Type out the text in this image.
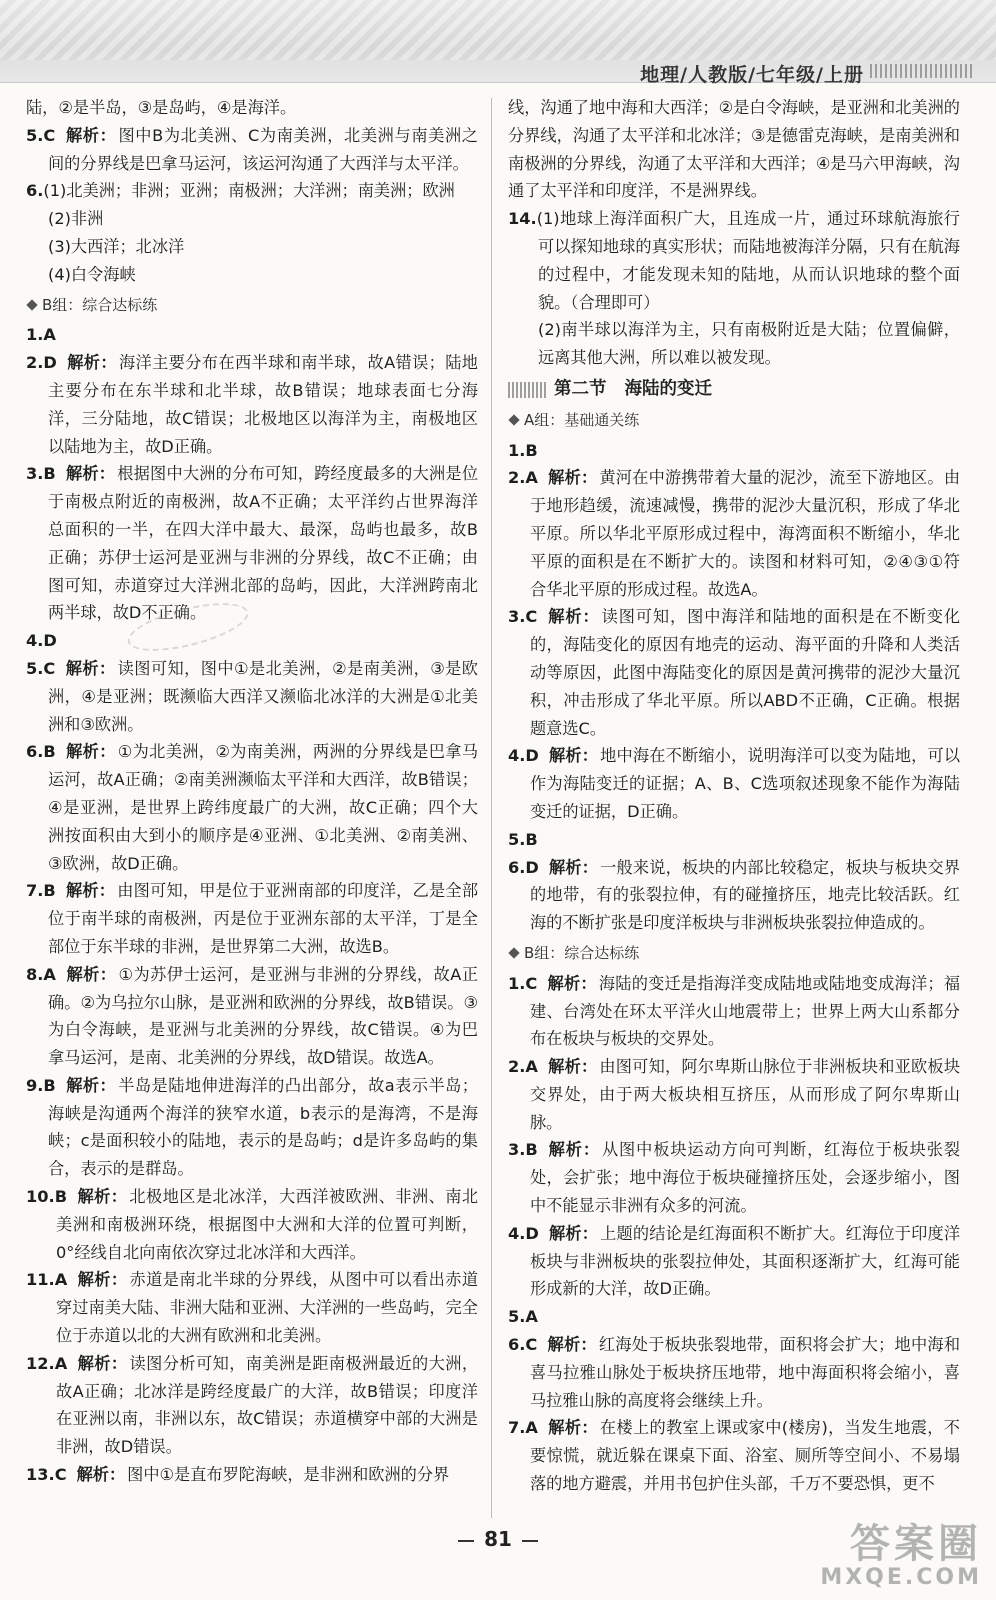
地理/人教版/七年级/上册

陆，②是半岛，③是岛屿，④是海洋。

5.C 解析： 图中B为北美洲、C为南美洲，北美洲与南美洲之间的分界线是巴拿马运河，该运河沟通了大西洋与太平洋。

6.(1)北美洲；非洲；亚洲；南极洲；大洋洲；南美洲；欧洲

(2)非洲

(3)大西洋；北冰洋

(4)白令海峡

B组：综合达标练

1.A

2.D 解析： 海洋主要分布在西半球和南半球，故A错误；陆地主要分布在东半球和北半球，故B错误；地球表面七分海洋，三分陆地，故C错误；北极地区以海洋为主，南极地区以陆地为主，故D正确。

3.B 解析： 根据图中大洲的分布可知，跨经度最多的大洲是位于南极点附近的南极洲，故A不正确；太平洋约占世界海洋总面积的一半，在四大洋中最大、最深，岛屿也最多，故B正确；苏伊士运河是亚洲与非洲的分界线，故C不正确；由图可知，赤道穿过大洋洲北部的岛屿，因此，大洋洲跨南北两半球，故D不正确。

4.D

5.C 解析： 读图可知，图中①是北美洲，②是南美洲，③是欧洲，④是亚洲；既濒临大西洋又濒临北冰洋的大洲是①北美洲和③欧洲。

6.B 解析： ①为北美洲，②为南美洲，两洲的分界线是巴拿马运河，故A正确；②南美洲濒临太平洋和大西洋，故B错误；④是亚洲，是世界上跨纬度最广的大洲，故C正确；四个大洲按面积由大到小的顺序是④亚洲、①北美洲、②南美洲、③欧洲，故D正确。

7.B 解析： 由图可知，甲是位于亚洲南部的印度洋，乙是全部位于南半球的南极洲，丙是位于亚洲东部的太平洋，丁是全部位于东半球的非洲，是世界第二大洲，故选B。

8.A 解析： ①为苏伊士运河，是亚洲与非洲的分界线，故A正确。②为乌拉尔山脉，是亚洲和欧洲的分界线，故B错误。③为白令海峡，是亚洲与北美洲的分界线，故C错误。④为巴拿马运河，是南、北美洲的分界线，故D错误。故选A。

9.B 解析： 半岛是陆地伸进海洋的凸出部分，故a表示半岛；海峡是沟通两个海洋的狭窄水道，b表示的是海湾，不是海峡；c是面积较小的陆地，表示的是岛屿；d是许多岛屿的集合，表示的是群岛。

10.B 解析： 北极地区是北冰洋，大西洋被欧洲、非洲、南北美洲和南极洲环绕，根据图中大洲和大洋的位置可判断，0°经线自北向南依次穿过北冰洋和大西洋。

11.A 解析： 赤道是南北半球的分界线，从图中可以看出赤道穿过南美大陆、非洲大陆和亚洲、大洋洲的一些岛屿，完全位于赤道以北的大洲有欧洲和北美洲。

12.A 解析： 读图分析可知，南美洲是距南极洲最近的大洲，故A正确；北冰洋是跨经度最广的大洋，故B错误；印度洋在亚洲以南，非洲以东，故C错误；赤道横穿中部的大洲是非洲，故D错误。

13.C 解析： 图中①是直布罗陀海峡，是非洲和欧洲的分界

线，沟通了地中海和大西洋；②是白令海峡，是亚洲和北美洲的分界线，沟通了太平洋和北冰洋；③是德雷克海峡，是南美洲和南极洲的分界线，沟通了太平洋和大西洋；④是马六甲海峡，沟通了太平洋和印度洋，不是洲界线。

14.(1)地球上海洋面积广大，且连成一片，通过环球航海旅行可以探知地球的真实形状；而陆地被海洋分隔，只有在航海的过程中，才能发现未知的陆地，从而认识地球的整个面貌。（合理即可）

(2)南半球以海洋为主，只有南极附近是大陆；位置偏僻，远离其他大洲，所以难以被发现。

第二节 海陆的变迁
A组：基础通关练

1.B

2.A 解析： 黄河在中游携带着大量的泥沙，流至下游地区。由于地形趋缓，流速减慢，携带的泥沙大量沉积，形成了华北平原。所以华北平原形成过程中，海湾面积不断缩小，华北平原的面积是在不断扩大的。读图和材料可知，②④③①符合华北平原的形成过程。故选A。

3.C 解析： 读图可知，图中海洋和陆地的面积是在不断变化的，海陆变化的原因有地壳的运动、海平面的升降和人类活动等原因，此图中海陆变化的原因是黄河携带的泥沙大量沉积，冲击形成了华北平原。所以ABD不正确，C正确。根据题意选C。

4.D 解析： 地中海在不断缩小，说明海洋可以变为陆地，可以作为海陆变迁的证据；A、B、C选项叙述现象不能作为海陆变迁的证据，D正确。

5.B

6.D 解析： 一般来说，板块的内部比较稳定，板块与板块交界的地带，有的张裂拉伸，有的碰撞挤压，地壳比较活跃。红海的不断扩张是印度洋板块与非洲板块张裂拉伸造成的。

B组：综合达标练

1.C 解析： 海陆的变迁是指海洋变成陆地或陆地变成海洋；福建、台湾处在环太平洋火山地震带上；世界上两大山系都分布在板块与板块的交界处。

2.A 解析： 由图可知，阿尔卑斯山脉位于非洲板块和亚欧板块交界处，由于两大板块相互挤压，从而形成了阿尔卑斯山脉。

3.B 解析： 从图中板块运动方向可判断，红海位于板块张裂处，会扩张；地中海位于板块碰撞挤压处，会逐步缩小，图中不能显示非洲有众多的河流。

4.D 解析： 上题的结论是红海面积不断扩大。红海位于印度洋板块与非洲板块的张裂拉伸处，其面积逐渐扩大，红海可能形成新的大洋，故D正确。

5.A

6.C 解析： 红海处于板块张裂地带，面积将会扩大；地中海和喜马拉雅山脉处于板块挤压地带，地中海面积将会缩小，喜马拉雅山脉的高度将会继续上升。

7.A 解析： 在楼上的教室上课或家中(楼房)，当发生地震，不要惊慌，就近躲在课桌下面、浴室、厕所等空间小、不易塌落的地方避震，并用书包护住头部，千万不要恐惧，更不

81	答案圈
MXQE.COM
